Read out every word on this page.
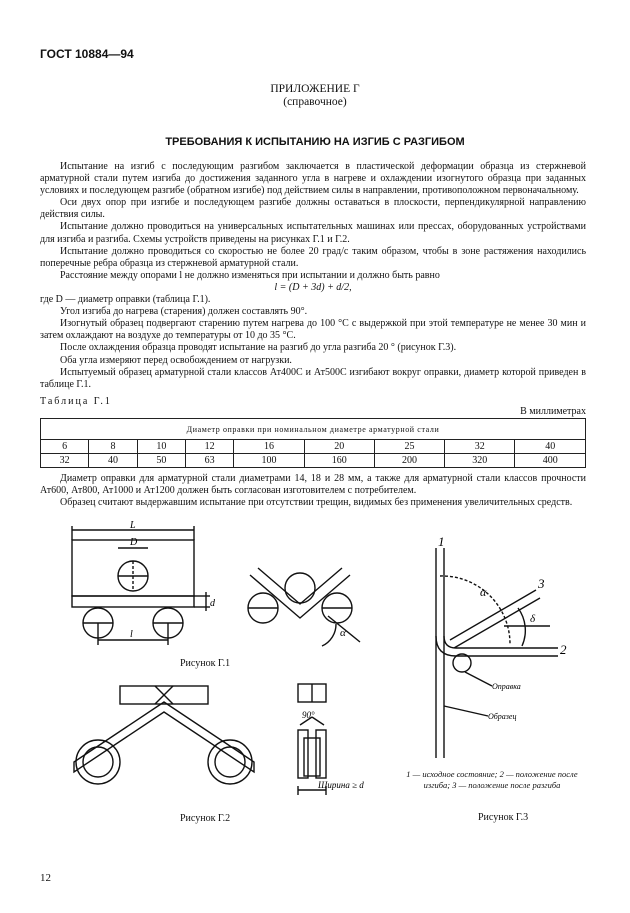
ГОСТ 10884—94
ПРИЛОЖЕНИЕ Г
(справочное)
ТРЕБОВАНИЯ К ИСПЫТАНИЮ НА ИЗГИБ С РАЗГИБОМ

Испытание на изгиб с последующим разгибом заключается в пластической деформации образца из стержневой арматурной стали путем изгиба до достижения заданного угла в нагреве и охлаждении изогнутого образца при заданных условиях и последующем разгибе (обратном изгибе) под действием силы в направлении, противоположном первоначальному.

Оси двух опор при изгибе и последующем разгибе должны оставаться в плоскости, перпендикулярной направлению действия силы.

Испытание должно проводиться на универсальных испытательных машинах или прессах, оборудованных устройствами для изгиба и разгиба. Схемы устройств приведены на рисунках Г.1 и Г.2.

Испытание должно проводиться со скоростью не более 20 град/с таким образом, чтобы в зоне растяжения находились поперечные ребра образца из стержневой арматурной стали.

Расстояние между опорами l не должно изменяться при испытании и должно быть равно

l = (D + 3d) + d/2,

где D — диаметр оправки (таблица Г.1).

Угол изгиба до нагрева (старения) должен составлять 90°.

Изогнутый образец подвергают старению путем нагрева до 100 °С с выдержкой при этой температуре не менее 30 мин и затем охлаждают на воздухе до температуры от 10 до 35 °С.

После охлаждения образца проводят испытание на разгиб до угла разгиба 20 ° (рисунок Г.3).

Оба угла измеряют перед освобождением от нагрузки.

Испытуемый образец арматурной стали классов Ат400С и Ат500С изгибают вокруг оправки, диаметр которой приведен в таблице Г.1.

Таблица Г.1
В миллиметрах
Диаметр оправки при номинальном диаметре арматурной стали								
6	8	10	12	16	20	25	32	40
32	40	50	63	100	160	200	320	400

Диаметр оправки для арматурной стали диаметрами 14, 18 и 28 мм, а также для арматурной стали классов прочности Ат600, Ат800, Ат1000 и Ат1200 должен быть согласован изготовителем с потребителем.

Образец считают выдержавшим испытание при отсутствии трещин, видимых без применения увеличительных средств.

L
D
d
l	α
Рисунок Г.1
90°
Ширина ≥ d
Рисунок Г.2
1
2
3
α
δ
Оправка
Образец
1 — исходное состояние; 2 — положение после изгиба; 3 — положение после разгиба
Рисунок Г.3
12
